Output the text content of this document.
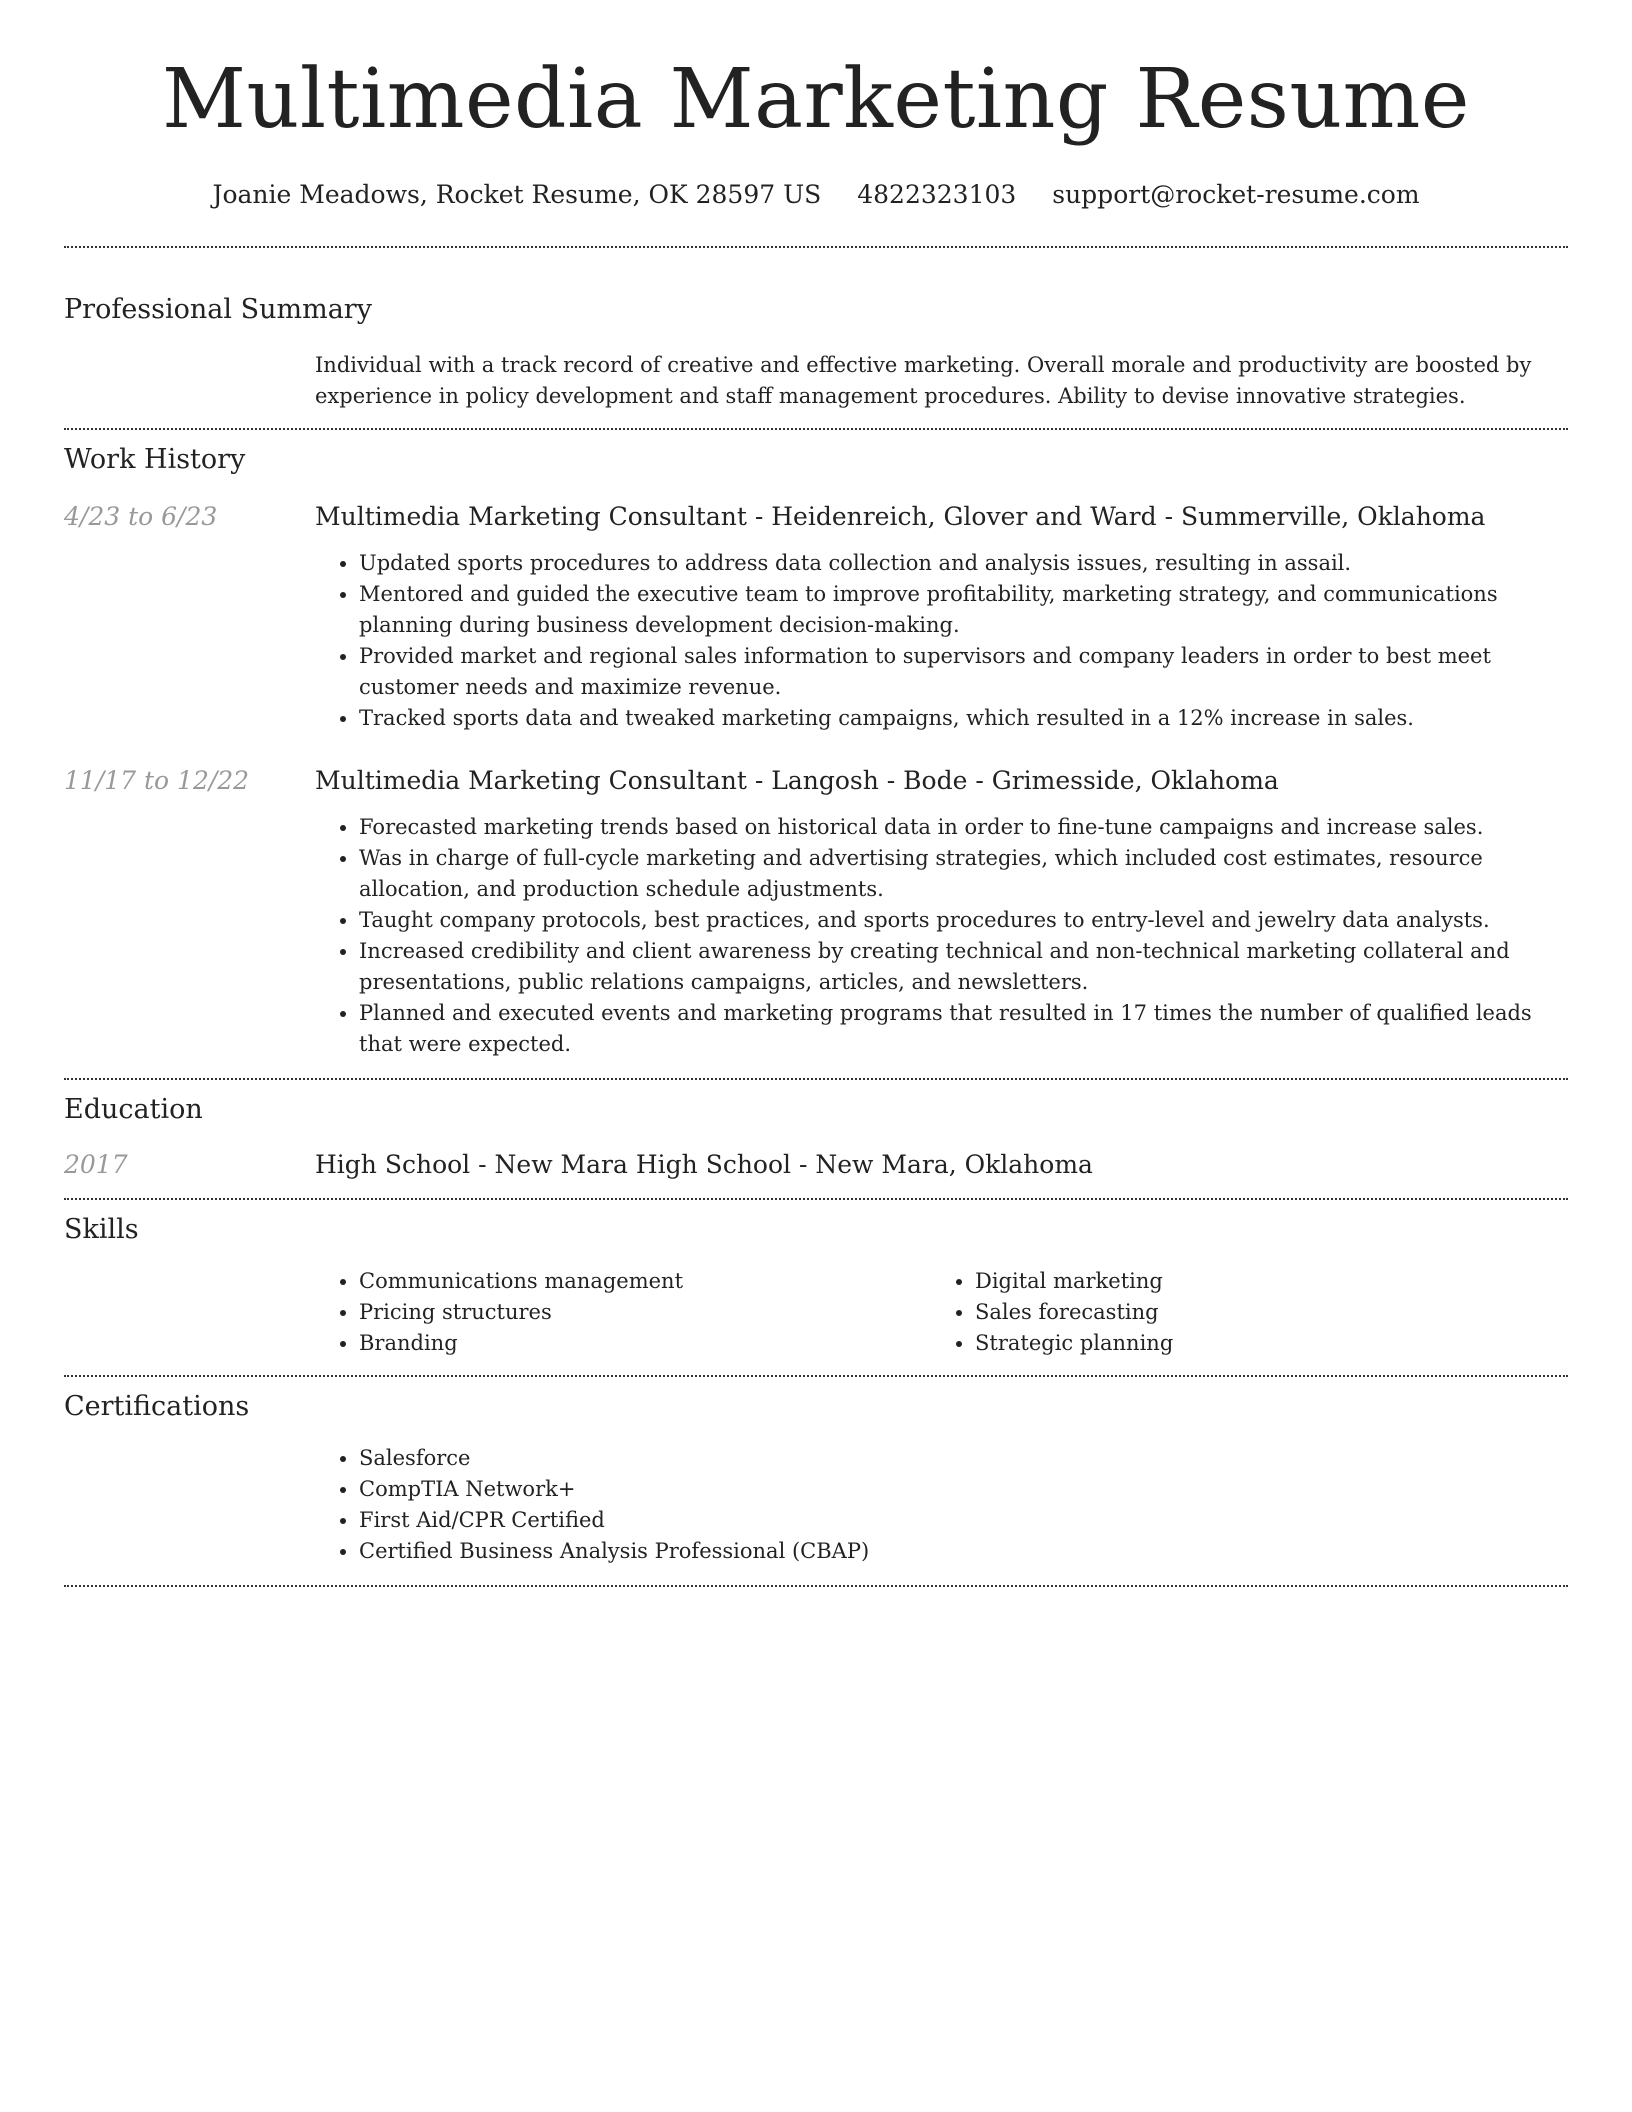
Multimedia Marketing Resume
Joanie Meadows, Rocket Resume, OK 28597 US 4822323103 support@rocket-resume.com
Professional Summary

Individual with a track record of creative and effective marketing. Overall morale and productivity are boosted by experience in policy development and staff management procedures. Ability to devise innovative strategies.

Work History
4/23 to 6/23	Multimedia Marketing Consultant - Heidenreich, Glover and Ward - Summerville, Oklahoma

• Updated sports procedures to address data collection and analysis issues, resulting in assail.
• Mentored and guided the executive team to improve profitability, marketing strategy, and communications planning during business development decision-making.
• Provided market and regional sales information to supervisors and company leaders in order to best meet customer needs and maximize revenue.
• Tracked sports data and tweaked marketing campaigns, which resulted in a 12% increase in sales.
11/17 to 12/22	Multimedia Marketing Consultant - Langosh - Bode - Grimesside, Oklahoma

• Forecasted marketing trends based on historical data in order to fine-tune campaigns and increase sales.
• Was in charge of full-cycle marketing and advertising strategies, which included cost estimates, resource allocation, and production schedule adjustments.
• Taught company protocols, best practices, and sports procedures to entry-level and jewelry data analysts.
• Increased credibility and client awareness by creating technical and non-technical marketing collateral and presentations, public relations campaigns, articles, and newsletters.
• Planned and executed events and marketing programs that resulted in 17 times the number of qualified leads that were expected.
Education
2017	High School - New Mara High School - New Mara, Oklahoma

Skills
• Communications management
• Pricing structures
• Branding
• Digital marketing
• Sales forecasting
• Strategic planning
Certifications
• Salesforce
• CompTIA Network+
• First Aid/CPR Certified
• Certified Business Analysis Professional (CBAP)
